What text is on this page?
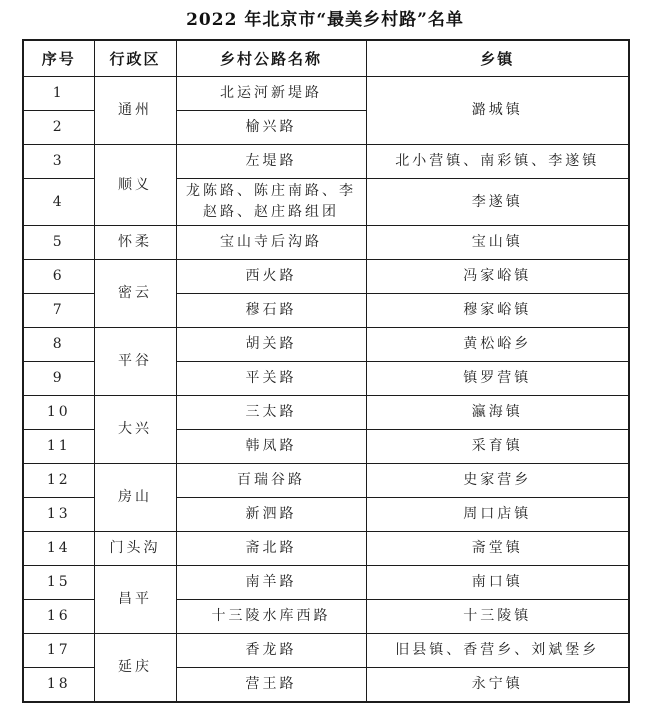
2022 年北京市“最美乡村路”名单
序号	行政区	乡村公路名称	乡镇
1	通州	北运河新堤路	潞城镇
2		榆兴路	
3	顺义	左堤路	北小营镇、南彩镇、李遂镇
4		龙陈路、陈庄南路、李赵路、赵庄路组团	李遂镇
5	怀柔	宝山寺后沟路	宝山镇
6	密云	西火路	冯家峪镇
7		穆石路	穆家峪镇
8	平谷	胡关路	黄松峪乡
9		平关路	镇罗营镇
10	大兴	三太路	瀛海镇
11		韩凤路	采育镇
12	房山	百瑞谷路	史家营乡
13		新泗路	周口店镇
14	门头沟	斋北路	斋堂镇
15	昌平	南羊路	南口镇
16		十三陵水库西路	十三陵镇
17	延庆	香龙路	旧县镇、香营乡、刘斌堡乡
18		营王路	永宁镇
